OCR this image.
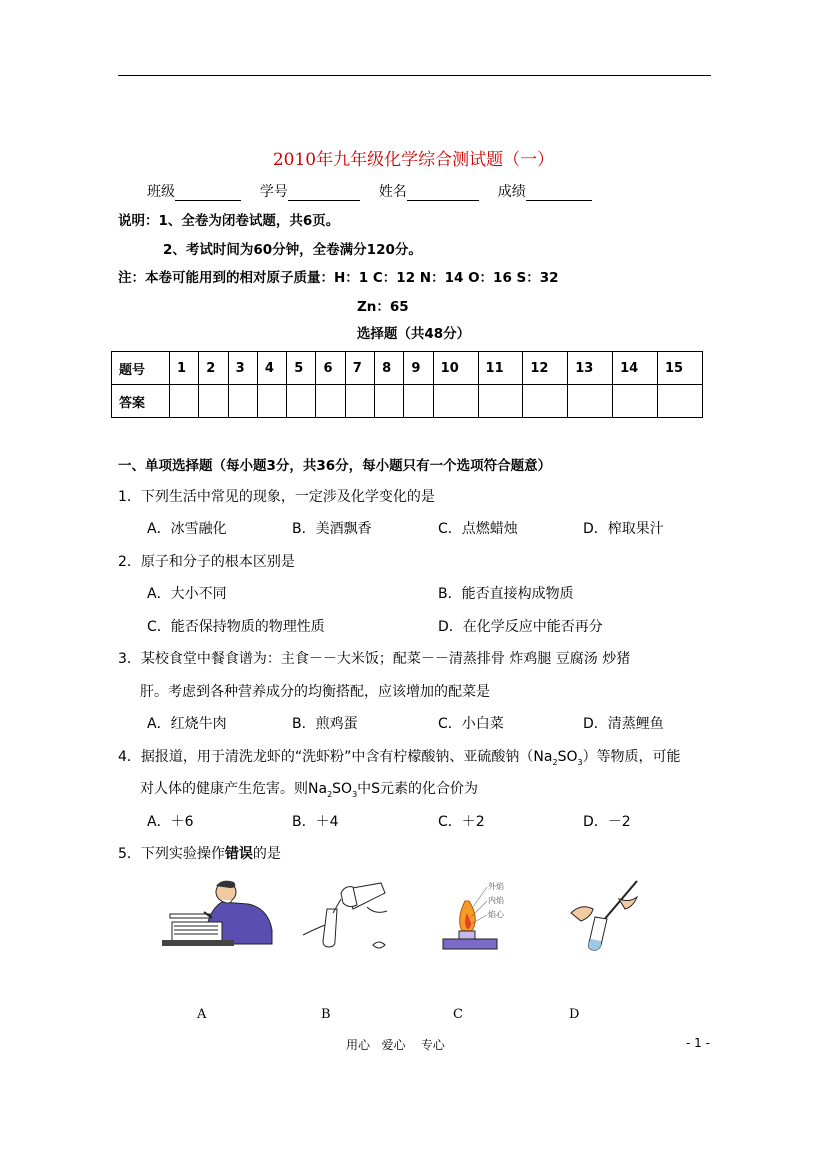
2010年九年级化学综合测试题（一）
班级	学号	姓名	成绩
说明：1、全卷为闭卷试题，共6页。
2、考试时间为60分钟，全卷满分120分。
注：本卷可能用到的相对原子质量：H：1 C：12 N：14 O：16 S：32
Zn：65
选择题（共48分）
题号	1	2	3	4	5	6	7	8	9	10	11	12	13	14	15
答案															
一、单项选择题（每小题3分，共36分，每小题只有一个选项符合题意）
1．下列生活中常见的现象，一定涉及化学变化的是
A．冰雪融化	B．美酒飘香	C．点燃蜡烛	D．榨取果汁
2．原子和分子的根本区别是
A．大小不同	B．能否直接构成物质
C．能否保持物质的物理性质	D．在化学反应中能否再分
3．某校食堂中餐食谱为：主食－－大米饭；配菜－－清蒸排骨 炸鸡腿 豆腐汤 炒猪
肝。考虑到各种营养成分的均衡搭配，应该增加的配菜是
A．红烧牛肉	B．煎鸡蛋	C．小白菜	D．清蒸鲤鱼
4．据报道，用于清洗龙虾的“洗虾粉”中含有柠檬酸钠、亚硫酸钠$(Na_2SO_3)$等物质，可能
对人体的健康产生危害。则$Na_2SO_3$中S元素的化合价为
A．＋6	B．＋4	C．＋2	D．－2
5．下列实验操作错误的是
外焰
内焰
焰心
A	B	C	D
用心   爱心    专心	- 1 -
